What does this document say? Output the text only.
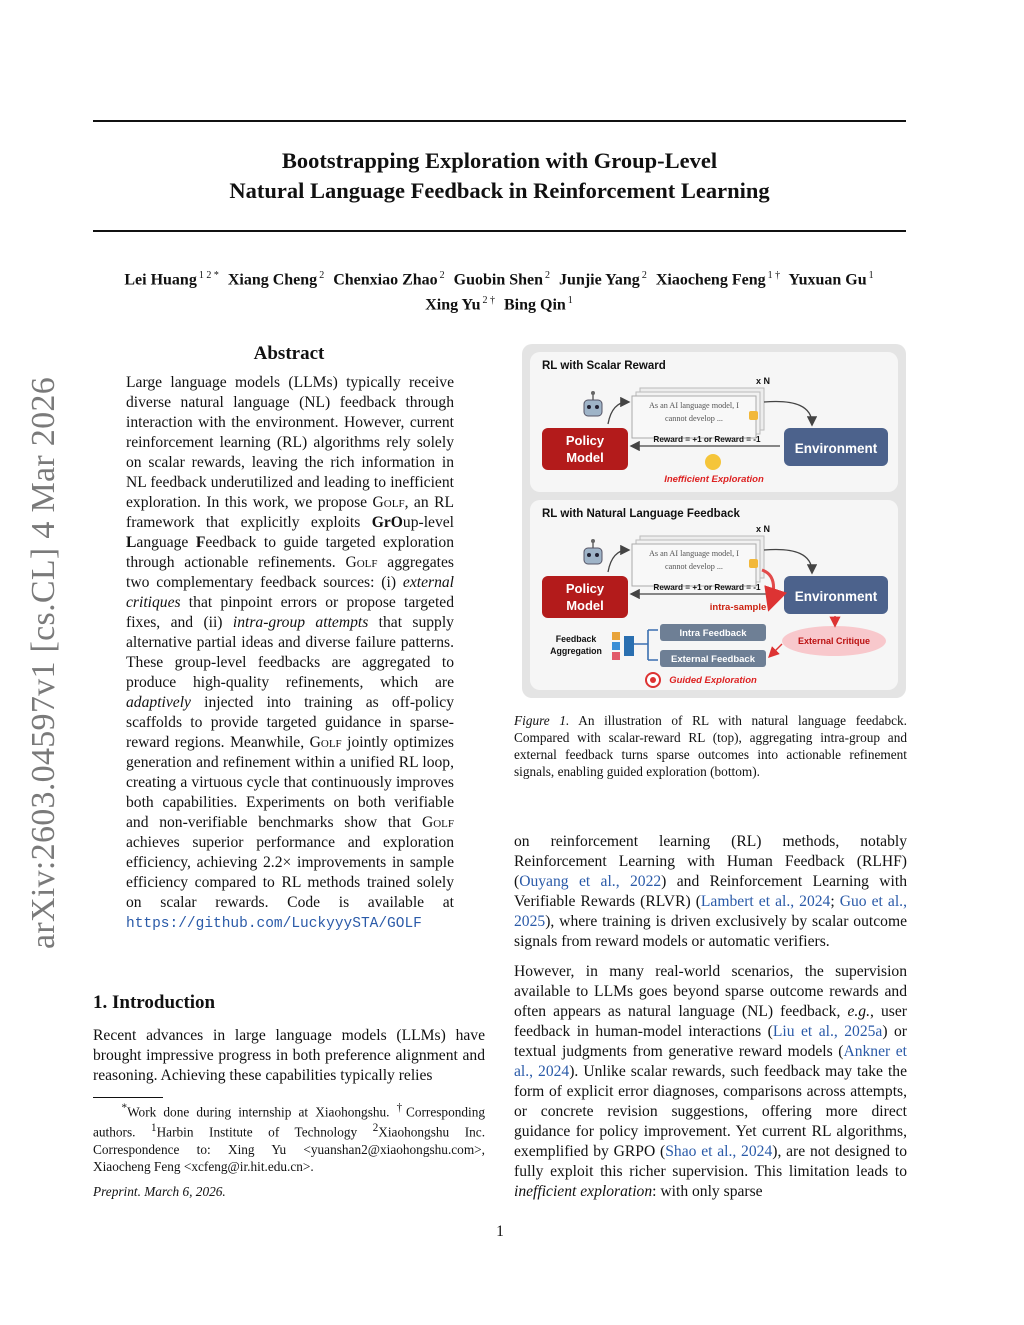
arXiv:2603.04597v1 [cs.CL] 4 Mar 2026
Bootstrapping Exploration with Group-Level
Natural Language Feedback in Reinforcement Learning
Lei Huang $^{1 2 *}$ Xiang Cheng $^2$ Chenxiao Zhao $^2$ Guobin Shen $^2$ Junjie Yang $^2$ Xiaocheng Feng $^{1 \dagger}$ Yuxuan Gu $^1$
Xing Yu $^{2 \dagger}$ Bing Qin $^1$
Abstract
Large language models (LLMs) typically receive diverse natural language (NL) feedback through interaction with the environment. However, current reinforcement learning (RL) algorithms rely solely on scalar rewards, leaving the rich information in NL feedback underutilized and leading to inefficient exploration. In this work, we propose Golf, an RL framework that explicitly exploits GrOup-level Language Feedback to guide targeted exploration through actionable refinements. Golf aggregates two complementary feedback sources: (i) external critiques that pinpoint errors or propose targeted fixes, and (ii) intra-group attempts that supply alternative partial ideas and diverse failure patterns. These group-level feedbacks are aggregated to produce high-quality refinements, which are adaptively injected into training as off-policy scaffolds to provide targeted guidance in sparse-reward regions. Meanwhile, Golf jointly optimizes generation and refinement within a unified RL loop, creating a virtuous cycle that continuously improves both capabilities. Experiments on both verifiable and non-verifiable benchmarks show that Golf achieves superior performance and exploration efficiency, achieving 2.2× improvements in sample efficiency compared to RL methods trained solely on scalar rewards. Code is available at https://github.com/LuckyyySTA/GOLF
1. Introduction
Recent advances in large language models (LLMs) have brought impressive progress in both preference alignment and reasoning. Achieving these capabilities typically relies
*Work done during internship at Xiaohongshu. †Corresponding authors. $^1$Harbin Institute of Technology $^2$Xiaohongshu Inc. Correspondence to: Xing Yu <yuanshan2@xiaohongshu.com>, Xiaocheng Feng <xcfeng@ir.hit.edu.cn>.
Preprint. March 6, 2026.
RL with Scalar Reward
x N
As an AI language model, I
cannot develop ...
Policy
Model
Environment
Reward = +1 or Reward = -1
Inefficient Exploration
RL with Natural Language Feedback
x N
As an AI language model, I
cannot develop ...
Policy
Model
Environment
Reward = +1 or Reward = -1
intra-sample
Feedback
Aggregation
Intra Feedback
External Feedback
External Critique
Guided Exploration
Figure 1. An illustration of RL with natural language feedabck. Compared with scalar-reward RL (top), aggregating intra-group and external feedback turns sparse outcomes into actionable refinement signals, enabling guided exploration (bottom).
on reinforcement learning (RL) methods, notably Reinforcement Learning with Human Feedback (RLHF) (Ouyang et al., 2022) and Reinforcement Learning with Verifiable Rewards (RLVR) (Lambert et al., 2024; Guo et al., 2025), where training is driven exclusively by scalar outcome signals from reward models or automatic verifiers.
However, in many real-world scenarios, the supervision available to LLMs goes beyond sparse outcome rewards and often appears as natural language (NL) feedback, e.g., user feedback in human-model interactions (Liu et al., 2025a) or textual judgments from generative reward models (Ankner et al., 2024). Unlike scalar rewards, such feedback may take the form of explicit error diagnoses, comparisons across attempts, or concrete revision suggestions, offering more direct guidance for policy improvement. Yet current RL algorithms, exemplified by GRPO (Shao et al., 2024), are not designed to fully exploit this richer supervision. This limitation leads to inefficient exploration: with only sparse
1
